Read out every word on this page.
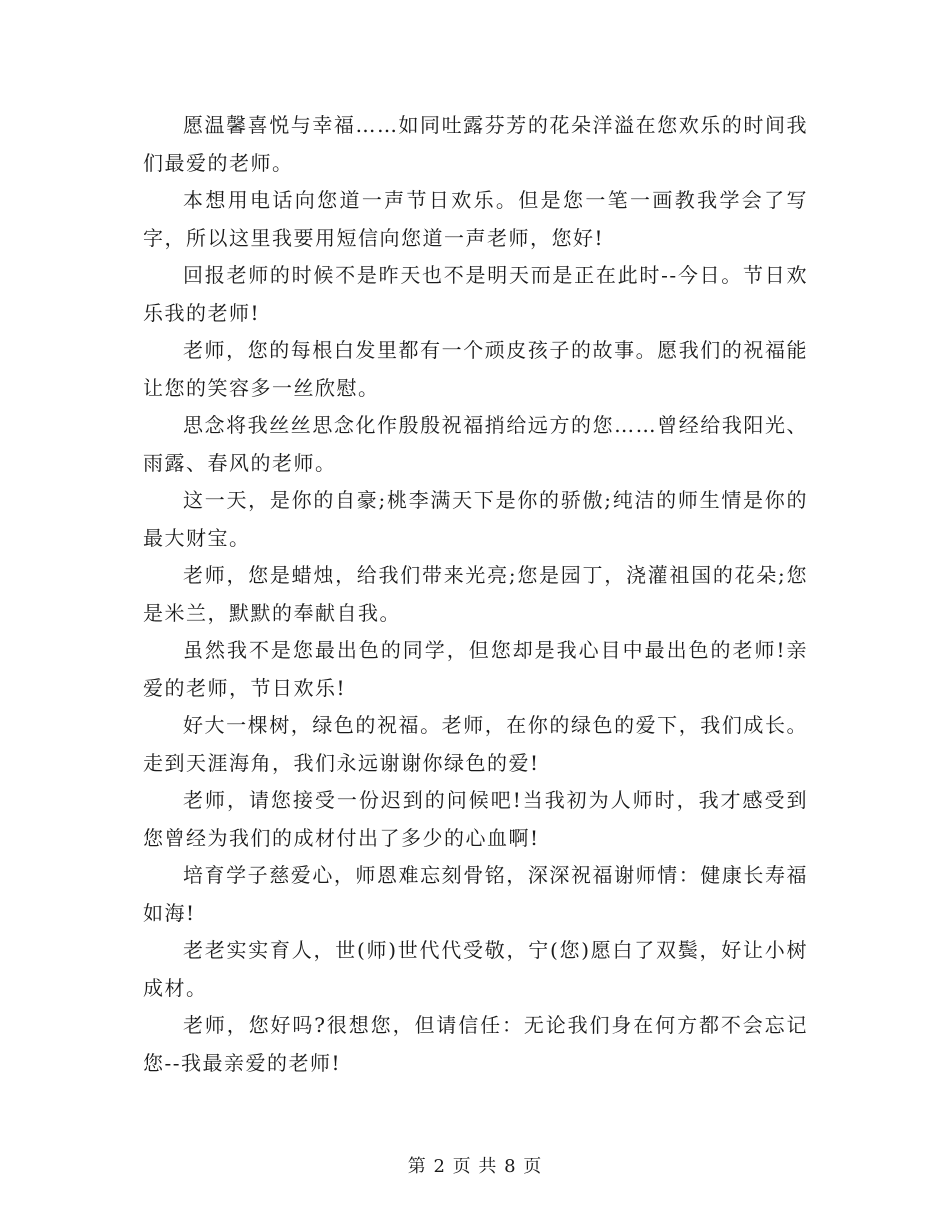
愿温馨喜悦与幸福……如同吐露芬芳的花朵洋溢在您欢乐的时间我们最爱的老师。

本想用电话向您道一声节日欢乐。但是您一笔一画教我学会了写字，所以这里我要用短信向您道一声老师，您好!

回报老师的时候不是昨天也不是明天而是正在此时--今日。节日欢乐我的老师!

老师，您的每根白发里都有一个顽皮孩子的故事。愿我们的祝福能让您的笑容多一丝欣慰。

思念将我丝丝思念化作殷殷祝福捎给远方的您……曾经给我阳光、雨露、春风的老师。

这一天，是你的自豪;桃李满天下是你的骄傲;纯洁的师生情是你的最大财宝。

老师，您是蜡烛，给我们带来光亮;您是园丁，浇灌祖国的花朵;您是米兰，默默的奉献自我。

虽然我不是您最出色的同学，但您却是我心目中最出色的老师!亲爱的老师，节日欢乐!

好大一棵树，绿色的祝福。老师，在你的绿色的爱下，我们成长。走到天涯海角，我们永远谢谢你绿色的爱!

老师，请您接受一份迟到的问候吧!当我初为人师时，我才感受到您曾经为我们的成材付出了多少的心血啊!

培育学子慈爱心，师恩难忘刻骨铭，深深祝福谢师情：健康长寿福如海!

老老实实育人，世(师)世代代受敬，宁(您)愿白了双鬓，好让小树成材。

老师，您好吗?很想您，但请信任：无论我们身在何方都不会忘记您--我最亲爱的老师!

第 2 页 共 8 页
